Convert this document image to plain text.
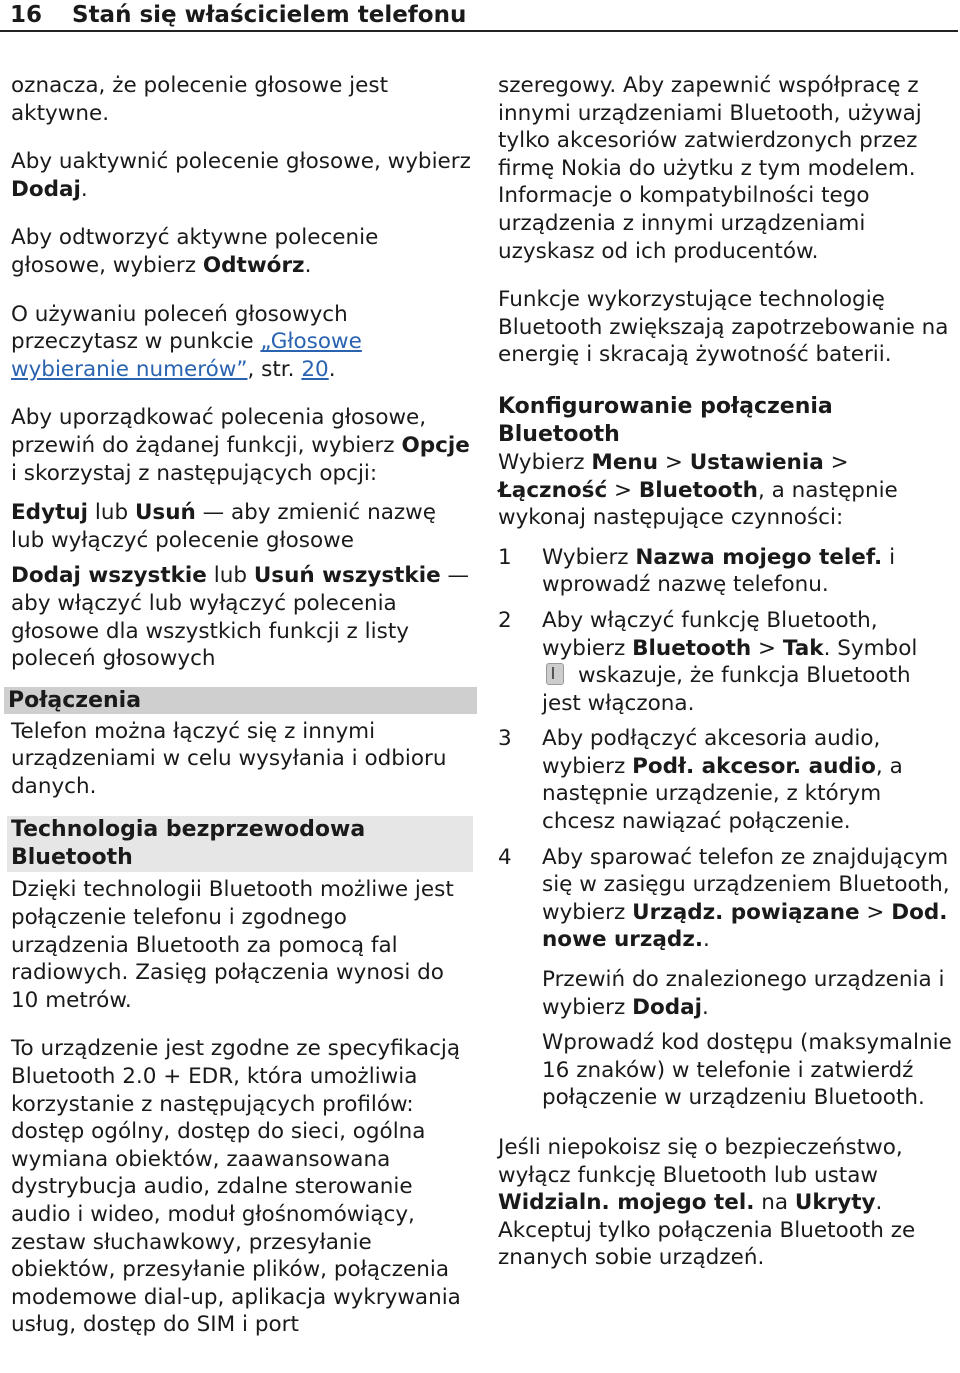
16 Stań się właścicielem telefonu

oznacza, że polecenie głosowe jest aktywne.

Aby uaktywnić polecenie głosowe, wybierz Dodaj.

Aby odtworzyć aktywne polecenie głosowe, wybierz Odtwórz.

O używaniu poleceń głosowych przeczytasz w punkcie „Głosowe wybieranie numerów”, str. 20.

Aby uporządkować polecenia głosowe, przewiń do żądanej funkcji, wybierz Opcje i skorzystaj z następujących opcji:

Edytuj lub Usuń — aby zmienić nazwę lub wyłączyć polecenie głosowe

Dodaj wszystkie lub Usuń wszystkie — aby włączyć lub wyłączyć polecenia głosowe dla wszystkich funkcji z listy poleceń głosowych

Połączenia

Telefon można łączyć się z innymi urządzeniami w celu wysyłania i odbioru danych.

Technologia bezprzewodowa Bluetooth

Dzięki technologii Bluetooth możliwe jest połączenie telefonu i zgodnego urządzenia Bluetooth za pomocą fal radiowych. Zasięg połączenia wynosi do 10 metrów.

To urządzenie jest zgodne ze specyfikacją Bluetooth 2.0 + EDR, która umożliwia korzystanie z następujących profilów: dostęp ogólny, dostęp do sieci, ogólna wymiana obiektów, zaawansowana dystrybucja audio, zdalne sterowanie audio i wideo, moduł głośnomówiący, zestaw słuchawkowy, przesyłanie obiektów, przesyłanie plików, połączenia modemowe dial-up, aplikacja wykrywania usług, dostęp do SIM i port

szeregowy. Aby zapewnić współpracę z innymi urządzeniami Bluetooth, używaj tylko akcesoriów zatwierdzonych przez firmę Nokia do użytku z tym modelem. Informacje o kompatybilności tego urządzenia z innymi urządzeniami uzyskasz od ich producentów.

Funkcje wykorzystujące technologię Bluetooth zwiększają zapotrzebowanie na energię i skracają żywotność baterii.

Konfigurowanie połączenia Bluetooth

Wybierz Menu > Ustawienia > Łączność > Bluetooth, a następnie wykonaj następujące czynności:

1 Wybierz Nazwa mojego telef. i wprowadź nazwę telefonu.
2 Aby włączyć funkcję Bluetooth, wybierz Bluetooth > Tak. Symbol wskazuje, że funkcja Bluetooth jest włączona.
3 Aby podłączyć akcesoria audio, wybierz Podł. akcesor. audio, a następnie urządzenie, z którym chcesz nawiązać połączenie.
4 Aby sparować telefon ze znajdującym się w zasięgu urządzeniem Bluetooth, wybierz Urządz. powiązane > Dod. nowe urządz..

Przewiń do znalezionego urządzenia i wybierz Dodaj.

Wprowadź kod dostępu (maksymalnie 16 znaków) w telefonie i zatwierdź połączenie w urządzeniu Bluetooth.

Jeśli niepokoisz się o bezpieczeństwo, wyłącz funkcję Bluetooth lub ustaw Widzialn. mojego tel. na Ukryty. Akceptuj tylko połączenia Bluetooth ze znanych sobie urządzeń.
